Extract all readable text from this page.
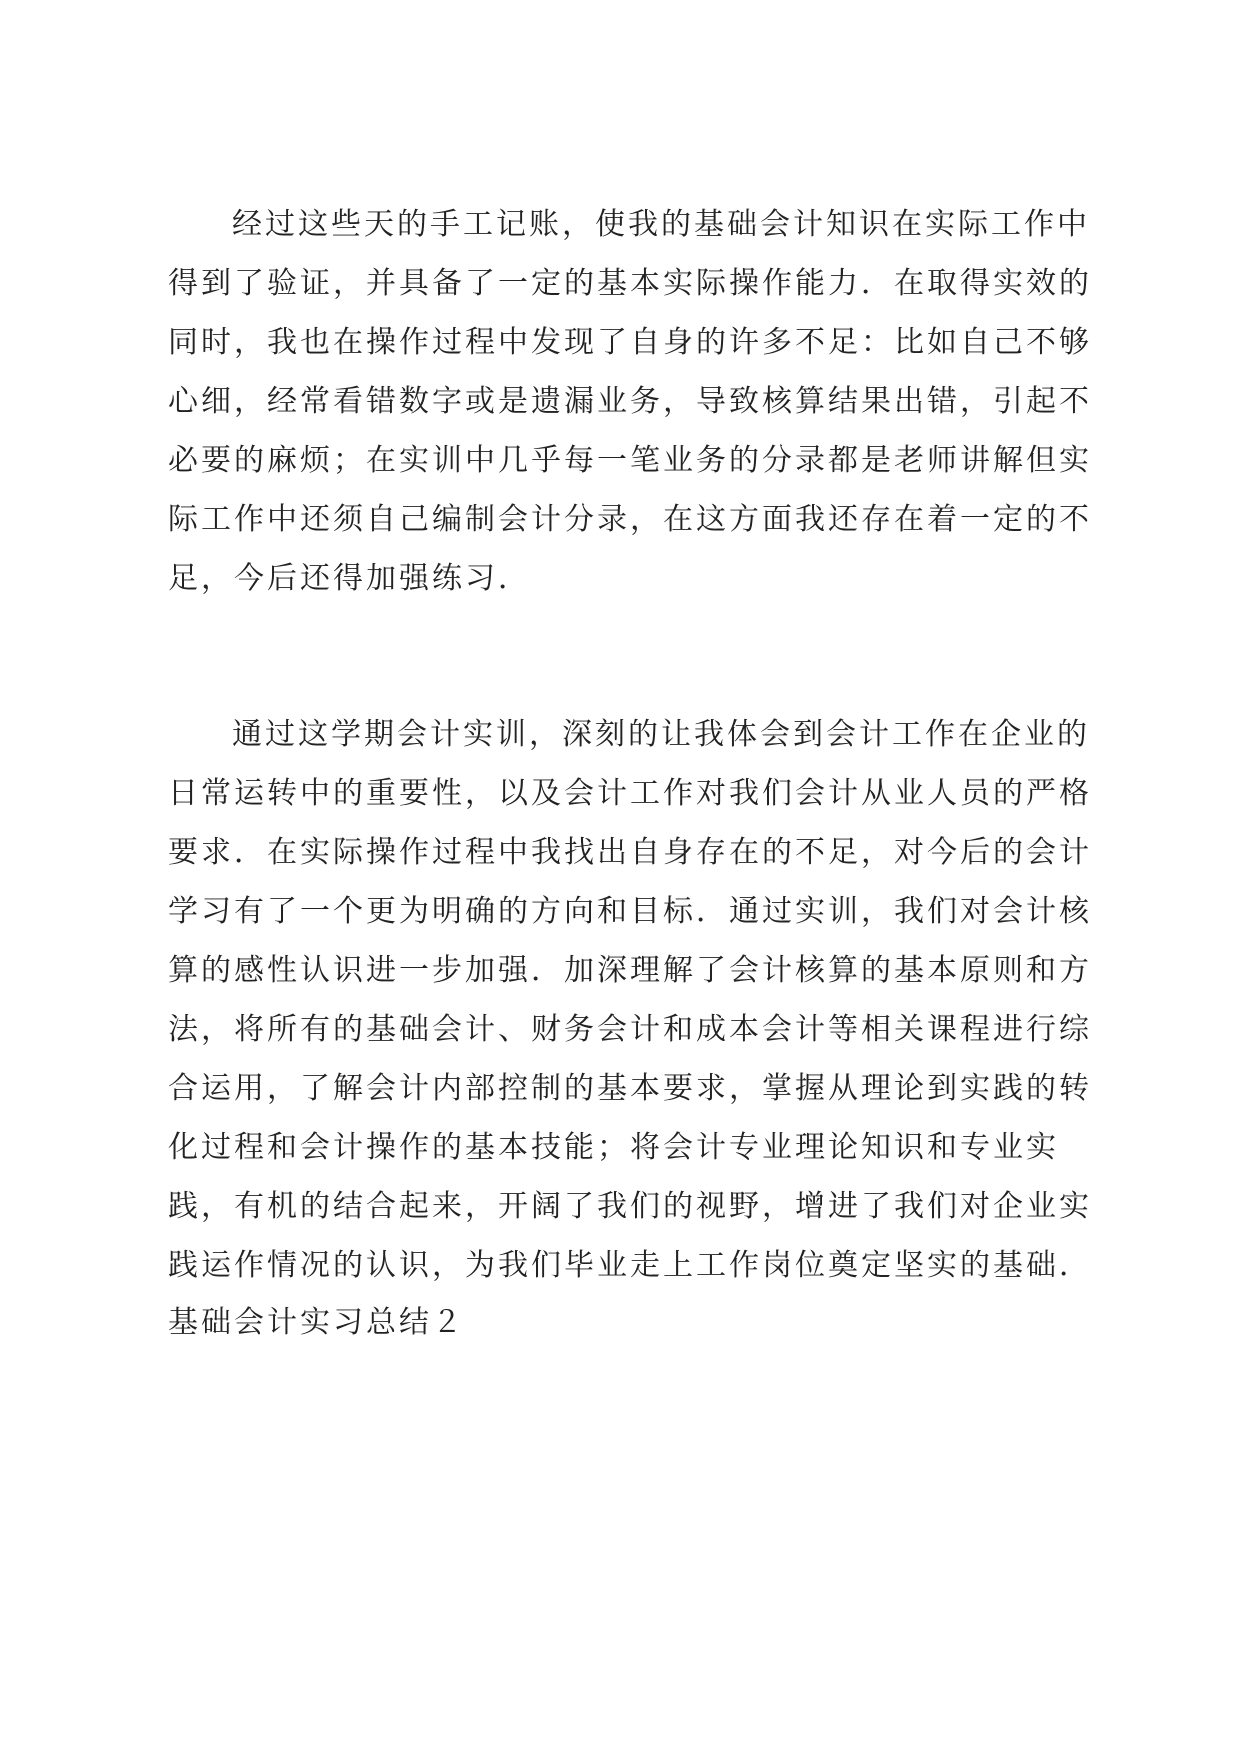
经过这些天的手工记账，使我的基础会计知识在实际工作中
得到了验证，并具备了一定的基本实际操作能力．在取得实效的
同时，我也在操作过程中发现了自身的许多不足：比如自己不够
心细，经常看错数字或是遗漏业务，导致核算结果出错，引起不
必要的麻烦；在实训中几乎每一笔业务的分录都是老师讲解但实
际工作中还须自己编制会计分录，在这方面我还存在着一定的不
足，今后还得加强练习．
通过这学期会计实训，深刻的让我体会到会计工作在企业的
日常运转中的重要性，以及会计工作对我们会计从业人员的严格
要求．在实际操作过程中我找出自身存在的不足，对今后的会计
学习有了一个更为明确的方向和目标．通过实训，我们对会计核
算的感性认识进一步加强．加深理解了会计核算的基本原则和方
法，将所有的基础会计、财务会计和成本会计等相关课程进行综
合运用，了解会计内部控制的基本要求，掌握从理论到实践的转
化过程和会计操作的基本技能；将会计专业理论知识和专业实
践，有机的结合起来，开阔了我们的视野，增进了我们对企业实
践运作情况的认识，为我们毕业走上工作岗位奠定坚实的基础．
基础会计实习总结２
